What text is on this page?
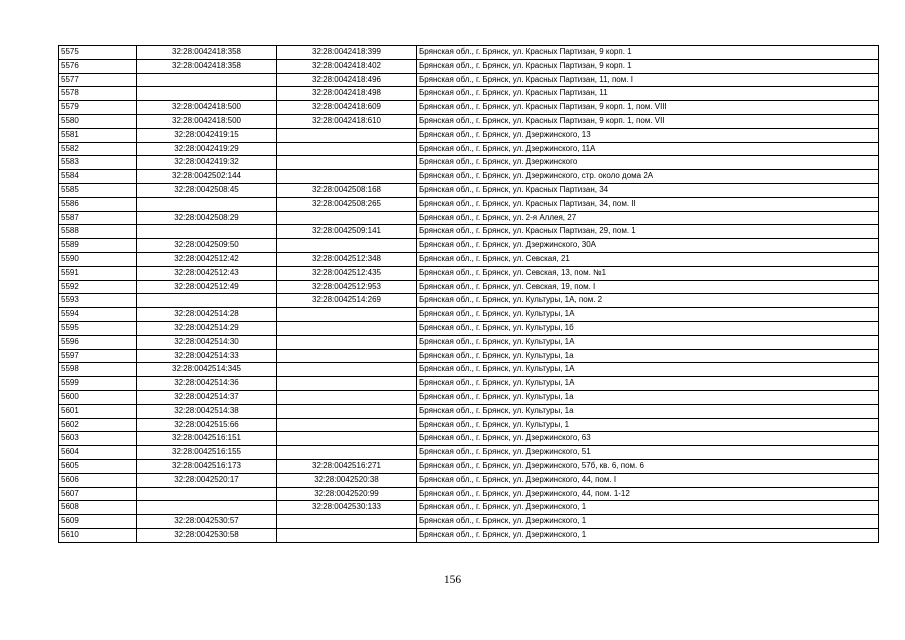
5575	32:28:0042418:358	32:28:0042418:399	Брянская обл., г. Брянск, ул. Красных Партизан, 9 корп. 1
5576	32:28:0042418:358	32:28:0042418:402	Брянская обл., г. Брянск, ул. Красных Партизан, 9 корп. 1
5577		32:28:0042418:496	Брянская обл., г. Брянск, ул. Красных Партизан, 11, пом. I
5578		32:28:0042418:498	Брянская обл., г. Брянск, ул. Красных Партизан, 11
5579	32:28:0042418:500	32:28:0042418:609	Брянская обл., г. Брянск, ул. Красных Партизан, 9 корп. 1, пом. VIII
5580	32:28:0042418:500	32:28:0042418:610	Брянская обл., г. Брянск, ул. Красных Партизан, 9 корп. 1, пом. VII
5581	32:28:0042419:15		Брянская обл., г. Брянск, ул. Дзержинского, 13
5582	32:28:0042419:29		Брянская обл., г. Брянск, ул. Дзержинского, 11А
5583	32:28:0042419:32		Брянская обл., г. Брянск, ул. Дзержинского
5584	32:28:0042502:144		Брянская обл., г. Брянск, ул. Дзержинского, стр. около дома 2А
5585	32:28:0042508:45	32:28:0042508:168	Брянская обл., г. Брянск, ул. Красных Партизан, 34
5586		32:28:0042508:265	Брянская обл., г. Брянск, ул. Красных Партизан, 34, пом. II
5587	32:28:0042508:29		Брянская обл., г. Брянск, ул. 2-я Аллея, 27
5588		32:28:0042509:141	Брянская обл., г. Брянск, ул. Красных Партизан, 29, пом. 1
5589	32:28:0042509:50		Брянская обл., г. Брянск, ул. Дзержинского, 30А
5590	32:28:0042512:42	32:28:0042512:348	Брянская обл., г. Брянск, ул. Севская, 21
5591	32:28:0042512:43	32:28:0042512:435	Брянская обл., г. Брянск, ул. Севская, 13, пом. №1
5592	32:28:0042512:49	32:28:0042512:953	Брянская обл., г. Брянск, ул. Севская, 19, пом. I
5593		32:28:0042514:269	Брянская обл., г. Брянск, ул. Культуры, 1А, пом. 2
5594	32:28:0042514:28		Брянская обл., г. Брянск, ул. Культуры, 1А
5595	32:28:0042514:29		Брянская обл., г. Брянск, ул. Культуры, 1б
5596	32:28:0042514:30		Брянская обл., г. Брянск, ул. Культуры, 1А
5597	32:28:0042514:33		Брянская обл., г. Брянск, ул. Культуры, 1а
5598	32:28:0042514:345		Брянская обл., г. Брянск, ул. Культуры, 1А
5599	32:28:0042514:36		Брянская обл., г. Брянск, ул. Культуры, 1А
5600	32:28:0042514:37		Брянская обл., г. Брянск, ул. Культуры, 1а
5601	32:28:0042514:38		Брянская обл., г. Брянск, ул. Культуры, 1а
5602	32:28:0042515:66		Брянская обл., г. Брянск, ул. Культуры, 1
5603	32:28:0042516:151		Брянская обл., г. Брянск, ул. Дзержинского, 63
5604	32:28:0042516:155		Брянская обл., г. Брянск, ул. Дзержинского, 51
5605	32:28:0042516:173	32:28:0042516:271	Брянская обл., г. Брянск, ул. Дзержинского, 57б, кв. 6, пом. 6
5606	32:28:0042520:17	32:28:0042520:38	Брянская обл., г. Брянск, ул. Дзержинского, 44, пом. I
5607		32:28:0042520:99	Брянская обл., г. Брянск, ул. Дзержинского, 44, пом. 1-12
5608		32:28:0042530:133	Брянская обл., г. Брянск, ул. Дзержинского, 1
5609	32:28:0042530:57		Брянская обл., г. Брянск, ул. Дзержинского, 1
5610	32:28:0042530:58		Брянская обл., г. Брянск, ул. Дзержинского, 1
156
